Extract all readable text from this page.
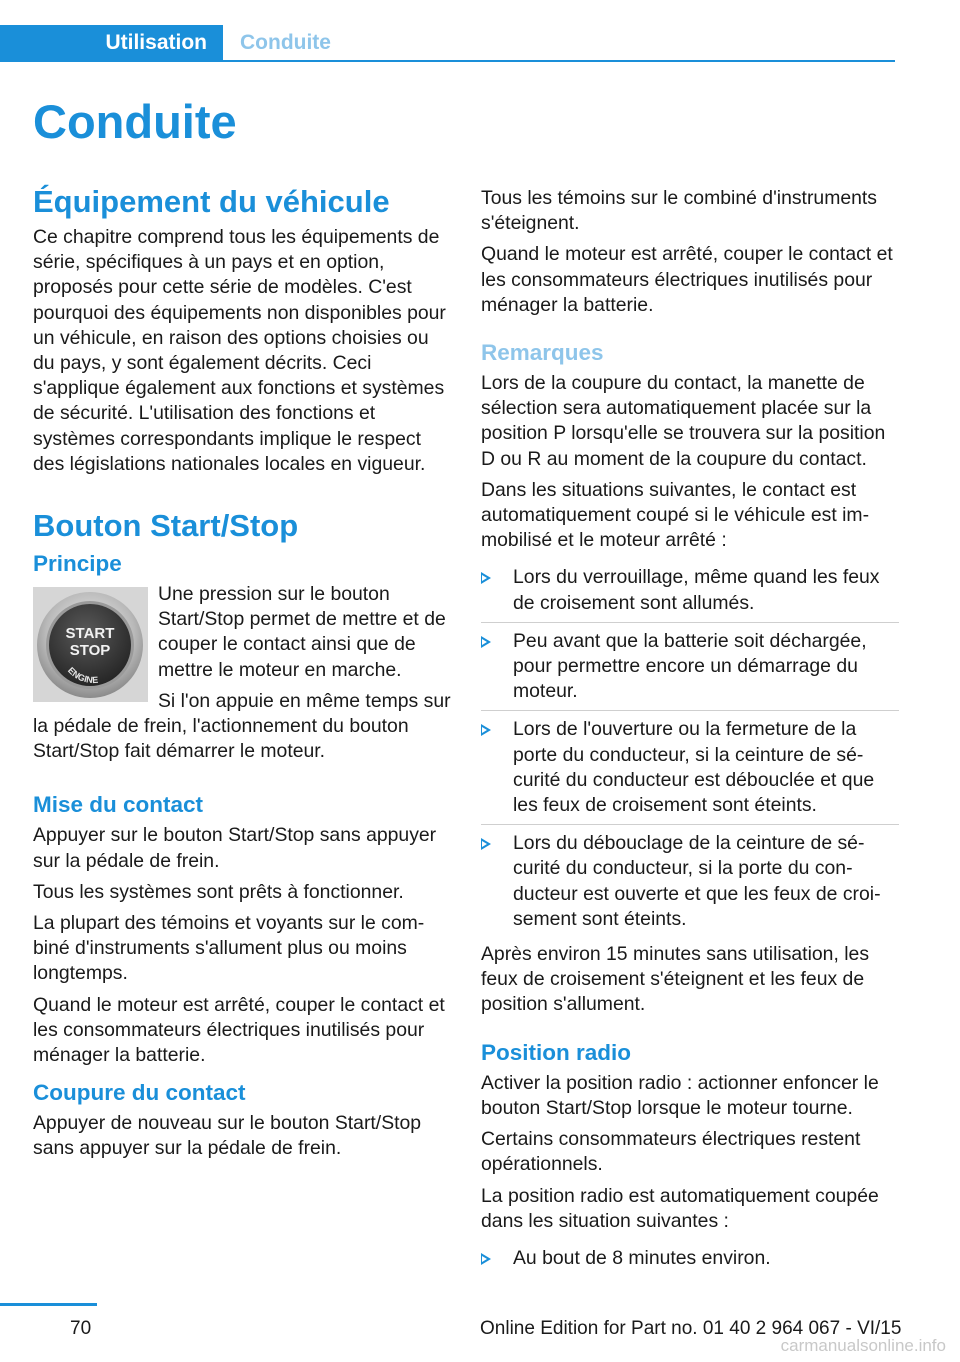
Utilisation	Conduite
Conduite
Équipement du véhicule

Ce chapitre comprend tous les équipements de série, spécifiques à un pays et en option, proposés pour cette série de modèles. C'est pourquoi des équipements non disponibles pour un véhicule, en raison des options choisies ou du pays, y sont également décrits. Ceci s'applique également aux fonctions et systèmes de sécurité. L'utilisation des fonctions et systèmes correspondants implique le respect des législations nationales locales en vigueur.

Bouton Start/Stop
Principe
START
STOP
ENGINE

Une pression sur le bouton Start/Stop permet de mettre et de couper le contact ainsi que de mettre le moteur en marche.

Si l'on appuie en même temps sur la pédale de frein, l'actionnement du bouton Start/Stop fait démarrer le moteur.

Mise du contact

Appuyer sur le bouton Start/Stop sans appuyer sur la pédale de frein.

Tous les systèmes sont prêts à fonctionner.

La plupart des témoins et voyants sur le combiné d'instruments s'allument plus ou moins longtemps.

Quand le moteur est arrêté, couper le contact et les consommateurs électriques inutilisés pour ménager la batterie.

Coupure du contact

Appuyer de nouveau sur le bouton Start/Stop sans appuyer sur la pédale de frein.

Tous les témoins sur le combiné d'instruments s'éteignent.

Quand le moteur est arrêté, couper le contact et les consommateurs électriques inutilisés pour ménager la batterie.

Remarques

Lors de la coupure du contact, la manette de sélection sera automatiquement placée sur la position P lorsqu'elle se trouvera sur la position D ou R au moment de la coupure du contact.

Dans les situations suivantes, le contact est automatiquement coupé si le véhicule est immobilisé et le moteur arrêté :

Lors du verrouillage, même quand les feux de croisement sont allumés.
Peu avant que la batterie soit déchargée, pour permettre encore un démarrage du moteur.
Lors de l'ouverture ou la fermeture de la porte du conducteur, si la ceinture de sécurité du conducteur est débouclée et que les feux de croisement sont éteints.
Lors du débouclage de la ceinture de sécurité du conducteur, si la porte du conducteur est ouverte et que les feux de croisement sont éteints.

Après environ 15 minutes sans utilisation, les feux de croisement s'éteignent et les feux de position s'allument.

Position radio

Activer la position radio : actionner enfoncer le bouton Start/Stop lorsque le moteur tourne.

Certains consommateurs électriques restent opérationnels.

La position radio est automatiquement coupée dans les situation suivantes :

Au bout de 8 minutes environ.
70	Online Edition for Part no. 01 40 2 964 067 - VI/15
carmanualsonline.info
